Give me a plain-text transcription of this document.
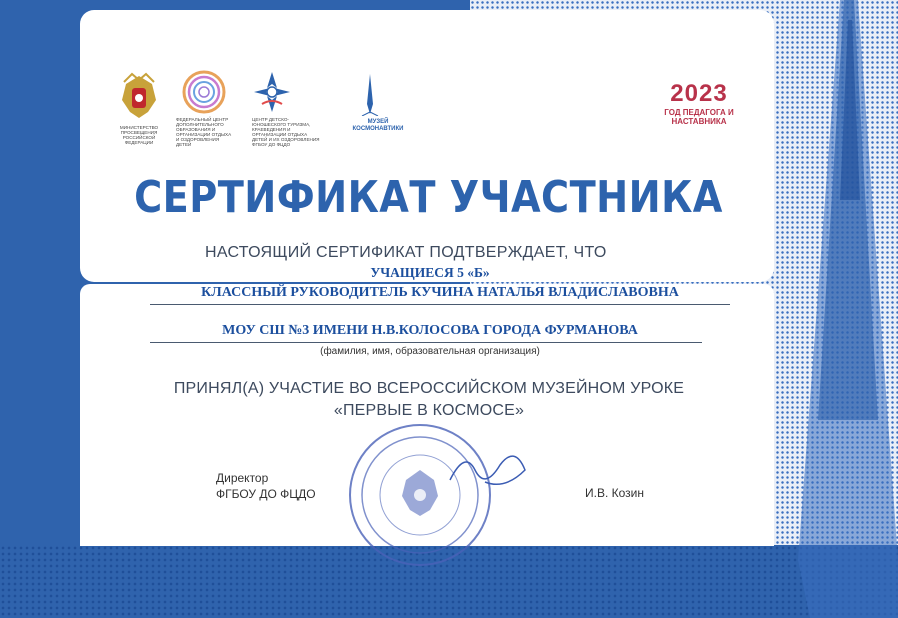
МИНИСТЕРСТВО ПРОСВЕЩЕНИЯ РОССИЙСКОЙ ФЕДЕРАЦИИ
ФЕДЕРАЛЬНЫЙ ЦЕНТР ДОПОЛНИТЕЛЬНОГО ОБРАЗОВАНИЯ И ОРГАНИЗАЦИИ ОТДЫХА И ОЗДОРОВЛЕНИЯ ДЕТЕЙ
ЦЕНТР ДЕТСКО-ЮНОШЕСКОГО ТУРИЗМА, КРАЕВЕДЕНИЯ И ОРГАНИЗАЦИИ ОТДЫХА ДЕТЕЙ И ИХ ОЗДОРОВЛЕНИЯ ФГБОУ ДО ФЦДО
МУЗЕЙ
КОСМОНАВТИКИ
2023
ГОД ПЕДАГОГА И НАСТАВНИКА
СЕРТИФИКАТ УЧАСТНИКА
НАСТОЯЩИЙ СЕРТИФИКАТ ПОДТВЕРЖДАЕТ, ЧТО
УЧАЩИЕСЯ 5 «Б»
КЛАССНЫЙ РУКОВОДИТЕЛЬ КУЧИНА НАТАЛЬЯ ВЛАДИСЛАВОВНА
МОУ СШ №3 ИМЕНИ Н.В.КОЛОСОВА ГОРОДА ФУРМАНОВА
(фамилия, имя, образовательная организация)
ПРИНЯЛ(А) УЧАСТИЕ ВО ВСЕРОССИЙСКОМ МУЗЕЙНОМ УРОКЕ
«ПЕРВЫЕ В КОСМОСЕ»
Директор
ФГБОУ ДО ФЦДО	И.В. Козин
